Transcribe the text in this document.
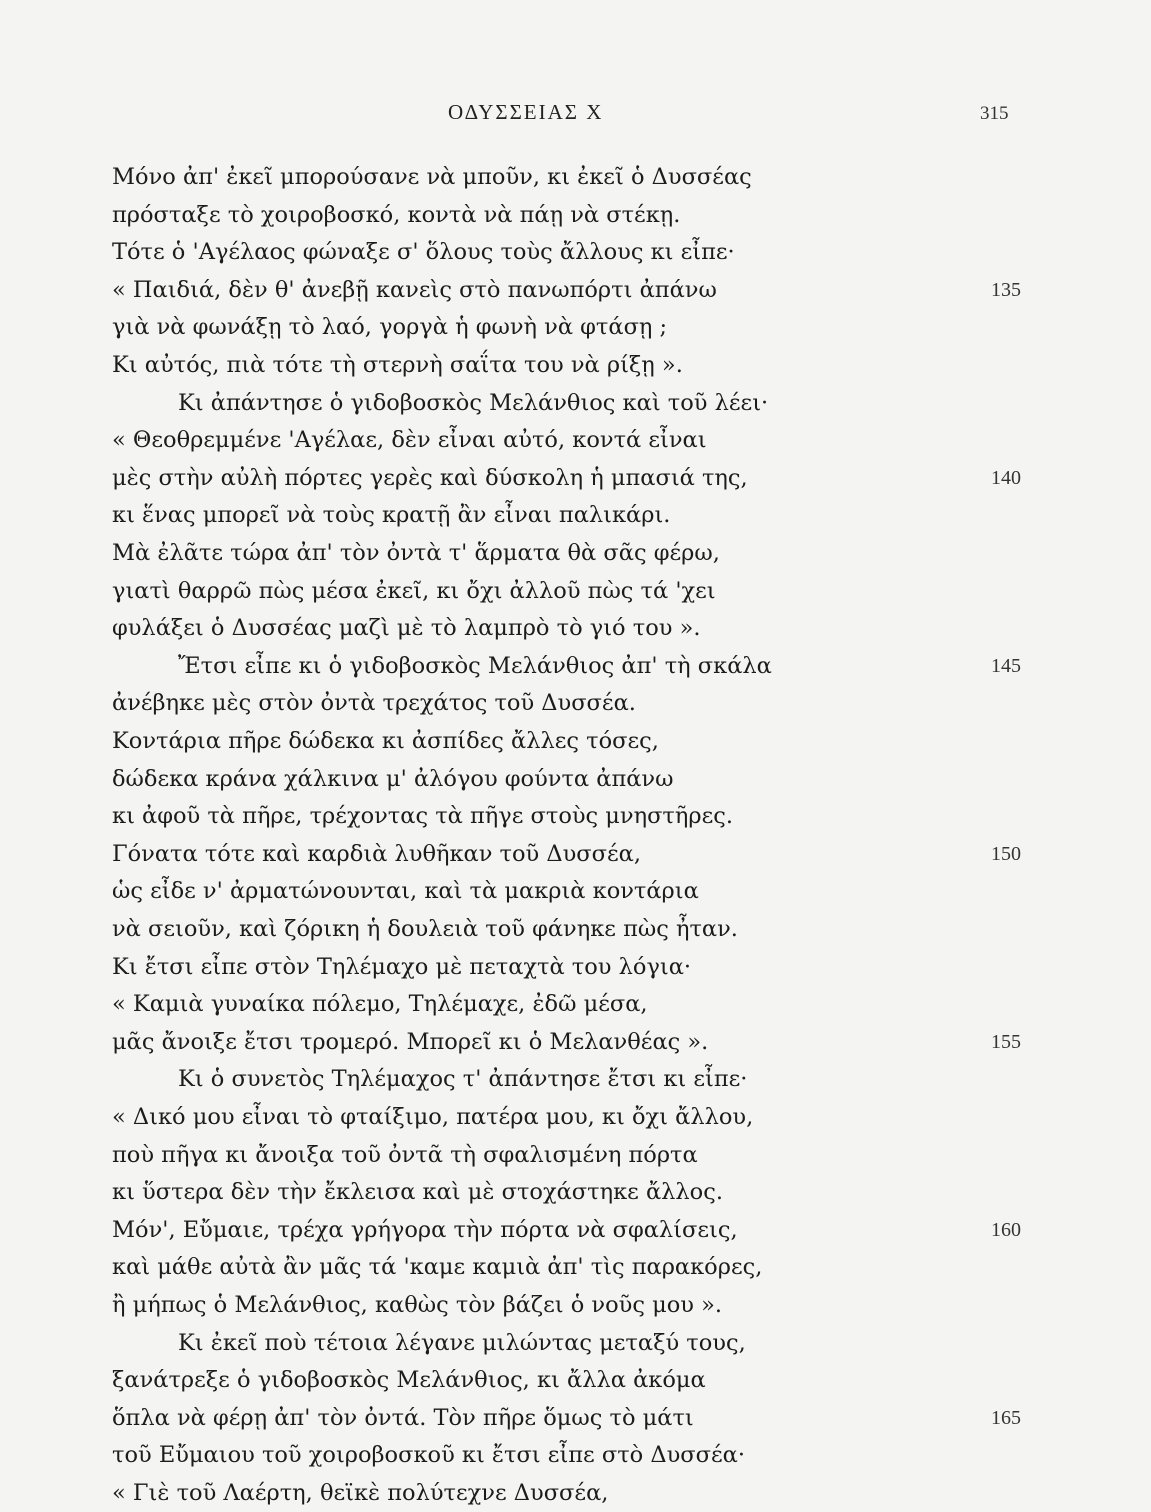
ΟΔΥΣΣΕΙΑΣ Χ	315
Μόνο ἀπ' ἐκεῖ μπορούσανε νὰ μποῦν, κι ἐκεῖ ὁ Δυσσέας
πρόσταξε τὸ χοιροβοσκό, κοντὰ νὰ πάῃ νὰ στέκῃ.
Τότε ὁ 'Αγέλαος φώναξε σ' ὅλους τοὺς ἄλλους κι εἶπε·
« Παιδιά, δὲν θ' ἀνεβῇ κανεὶς στὸ πανωπόρτι ἀπάνω	135
γιὰ νὰ φωνάξῃ τὸ λαό, γοργὰ ἡ φωνὴ νὰ φτάσῃ ;
Κι αὐτός, πιὰ τότε τὴ στερνὴ σαΐτα του νὰ ρίξῃ ».
Κι ἀπάντησε ὁ γιδοβοσκὸς Μελάνθιος καὶ τοῦ λέει·
« Θεοθρεμμένε 'Αγέλαε, δὲν εἶναι αὐτό, κοντά εἶναι
μὲς στὴν αὐλὴ πόρτες γερὲς καὶ δύσκολη ἡ μπασιά της,	140
κι ἕνας μπορεῖ νὰ τοὺς κρατῇ ἂν εἶναι παλικάρι.
Μὰ ἐλᾶτε τώρα ἀπ' τὸν ὀντὰ τ' ἅρματα θὰ σᾶς φέρω,
γιατὶ θαρρῶ πὼς μέσα ἐκεῖ, κι ὄχι ἀλλοῦ πὼς τά 'χει
φυλάξει ὁ Δυσσέας μαζὶ μὲ τὸ λαμπρὸ τὸ γιό του ».
Ἔτσι εἶπε κι ὁ γιδοβοσκὸς Μελάνθιος ἀπ' τὴ σκάλα	145
ἀνέβηκε μὲς στὸν ὀντὰ τρεχάτος τοῦ Δυσσέα.
Κοντάρια πῆρε δώδεκα κι ἀσπίδες ἄλλες τόσες,
δώδεκα κράνα χάλκινα μ' ἀλόγου φούντα ἀπάνω
κι ἀφοῦ τὰ πῆρε, τρέχοντας τὰ πῆγε στοὺς μνηστῆρες.
Γόνατα τότε καὶ καρδιὰ λυθῆκαν τοῦ Δυσσέα,	150
ὡς εἶδε ν' ἀρματώνουνται, καὶ τὰ μακριὰ κοντάρια
νὰ σειοῦν, καὶ ζόρικη ἡ δουλειὰ τοῦ φάνηκε πὼς ἦταν.
Κι ἔτσι εἶπε στὸν Τηλέμαχο μὲ πεταχτὰ του λόγια·
« Καμιὰ γυναίκα πόλεμο, Τηλέμαχε, ἐδῶ μέσα,
μᾶς ἄνοιξε ἔτσι τρομερό. Μπορεῖ κι ὁ Μελανθέας ».	155
Κι ὁ συνετὸς Τηλέμαχος τ' ἀπάντησε ἔτσι κι εἶπε·
« Δικό μου εἶναι τὸ φταίξιμο, πατέρα μου, κι ὄχι ἄλλου,
ποὺ πῆγα κι ἄνοιξα τοῦ ὀντᾶ τὴ σφαλισμένη πόρτα
κι ὕστερα δὲν τὴν ἔκλεισα καὶ μὲ στοχάστηκε ἄλλος.
Μόν', Εὔμαιε, τρέχα γρήγορα τὴν πόρτα νὰ σφαλίσεις,	160
καὶ μάθε αὐτὰ ἂν μᾶς τά 'καμε καμιὰ ἀπ' τὶς παρακόρες,
ἢ μήπως ὁ Μελάνθιος, καθὼς τὸν βάζει ὁ νοῦς μου ».
Κι ἐκεῖ ποὺ τέτοια λέγανε μιλώντας μεταξύ τους,
ξανάτρεξε ὁ γιδοβοσκὸς Μελάνθιος, κι ἄλλα ἀκόμα
ὅπλα νὰ φέρῃ ἀπ' τὸν ὀντά. Τὸν πῆρε ὅμως τὸ μάτι	165
τοῦ Εὔμαιου τοῦ χοιροβοσκοῦ κι ἔτσι εἶπε στὸ Δυσσέα·
« Γιὲ τοῦ Λαέρτη, θεϊκὲ πολύτεχνε Δυσσέα,
